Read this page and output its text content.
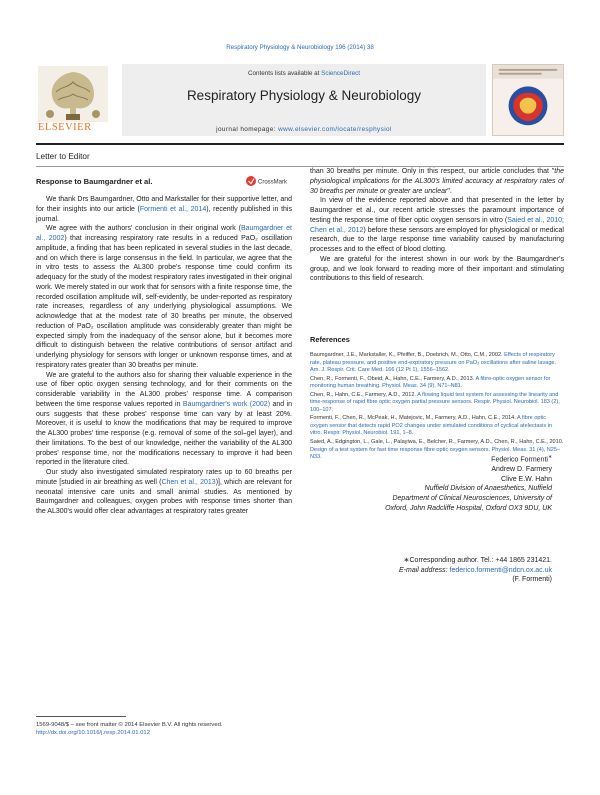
Respiratory Physiology & Neurobiology 196 (2014) 38
ELSEVIER
Contents lists available at ScienceDirect
Respiratory Physiology & Neurobiology
journal homepage: www.elsevier.com/locate/resphysiol
Letter to Editor
Response to Baumgardner et al.	CrossMark

We thank Drs Baumgardner, Otto and Markstaller for their supportive letter, and for their insights into our article (Formenti et al., 2014), recently published in this journal.

We agree with the authors' conclusion in their original work (Baumgardner et al., 2002) that increasing respiratory rate results in a reduced PaO₂ oscillation amplitude, a finding that has been replicated in several studies in the last decade, and on which there is large consensus in the field. In particular, we agree that the in vitro tests to assess the AL300 probe's response time could confirm its adequacy for the study of the modest respiratory rates investigated in their original work. We merely stated in our work that for sensors with a finite response time, the recorded oscillation amplitude will, self-evidently, be under-reported as respiratory rate increases, regardless of any underlying physiological assumptions. We acknowledge that at the modest rate of 30 breaths per minute, the observed reduction of PaO₂ oscillation amplitude was considerably greater than might be expected simply from the inadequacy of the sensor alone, but it becomes more difficult to distinguish between the relative contributions of sensor artifact and underlying physiology for sensors with longer or unknown response times, and at respiratory rates greater than 30 breaths per minute.

We are grateful to the authors also for sharing their valuable experience in the use of fiber optic oxygen sensing technology, and for their comments on the considerable variability in the AL300 probes' response time. A comparison between the time response values reported in Baumgardner's work (2002) and in ours suggests that these probes' response time can vary by at least 20%. Moreover, it is useful to know the modifications that may be required to improve the AL300 probes' time response (e.g. removal of some of the sol–gel layer), and their limitations. To the best of our knowledge, neither the variability of the AL300 probes' response time, nor the modifications necessary to improve it had been reported in the literature cited.

Our study also investigated simulated respiratory rates up to 60 breaths per minute [studied in air breathing as well (Chen et al., 2013)], which are relevant for neonatal intensive care units and small animal studies. As mentioned by Baumgardner and colleagues, oxygen probes with response times shorter than the AL300's would offer clear advantages at respiratory rates greater

than 30 breaths per minute. Only in this respect, our article concludes that "the physiological implications for the AL300's limited accuracy at respiratory rates of 30 breaths per minute or greater are unclear".

In view of the evidence reported above and that presented in the letter by Baumgardner et al., our recent article stresses the paramount importance of testing the response time of fiber optic oxygen sensors in vitro (Saied et al., 2010; Chen et al., 2012) before these sensors are employed for physiological or medical research, due to the large response time variability caused by manufacturing processes and to the effect of blood clotting.

We are grateful for the interest shown in our work by the Baumgardner's group, and we look forward to reading more of their important and stimulating contributions to this field of research.

References
Baumgardner, J.E., Markstaller, K., Pfeiffer, B., Doebrich, M., Otto, C.M., 2002. Effects of respiratory rate, plateau pressure, and positive end-expiratory pressure on PaO₂ oscillations after saline lavage. Am. J. Respir. Crit. Care Med. 166 (12 Pt 1), 1556–1562.
Chen, R., Formenti, F., Obeid, A., Hahn, C.E., Farmery, A.D., 2013. A fibre-optic oxygen sensor for monitoring human breathing. Physiol. Meas. 34 (9), N71–N81.
Chen, R., Hahn, C.E., Farmery, A.D., 2012. A flowing liquid test system for assessing the linearity and time-response of rapid fibre optic oxygen partial pressure sensors. Respir. Physiol. Neurobiol. 183 (2), 100–107.
Formenti, F., Chen, R., McPeak, H., Matejovic, M., Farmery, A.D., Hahn, C.E., 2014. A fibre optic oxygen sensor that detects rapid PO2 changes under simulated conditions of cyclical atelectasis in vitro. Respir. Physiol. Neurobiol. 191, 1–8.
Saied, A., Edgington, L., Gale, L., Palayiwa, E., Belcher, R., Farmery, A.D., Chen, R., Hahn, C.E., 2010. Design of a test system for fast time response fibre optic oxygen sensors. Physiol. Meas. 31 (4), N25–N33.	Federico Formenti∗
Andrew D. Farmery
Clive E.W. Hahn
Nuffield Division of Anaesthetics, Nuffield
Department of Clinical Neurosciences, University of
Oxford, John Radcliffe Hospital, Oxford OX3 9DU, UK
∗Corresponding author. Tel.: +44 1865 231421.
E-mail address: federico.formenti@ndcn.ox.ac.uk
(F. Formenti)
1569-9048/$ – see front matter © 2014 Elsevier B.V. All rights reserved.
http://dx.doi.org/10.1016/j.resp.2014.01.012
